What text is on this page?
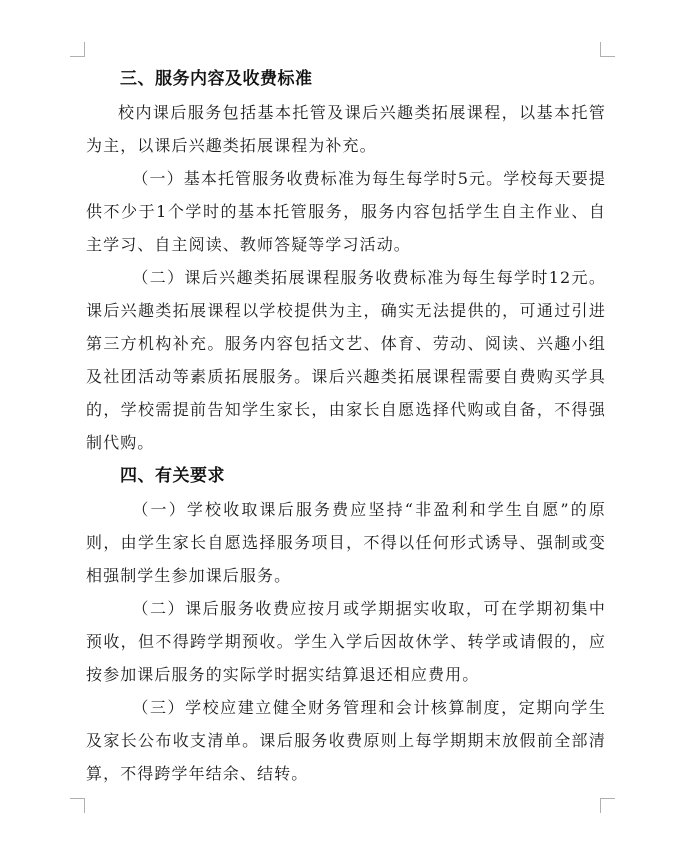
三、服务内容及收费标准

校内课后服务包括基本托管及课后兴趣类拓展课程，以基本托管为主，以课后兴趣类拓展课程为补充。

（一）基本托管服务收费标准为每生每学时5元。学校每天要提供不少于1个学时的基本托管服务，服务内容包括学生自主作业、自主学习、自主阅读、教师答疑等学习活动。

（二）课后兴趣类拓展课程服务收费标准为每生每学时12元。课后兴趣类拓展课程以学校提供为主，确实无法提供的，可通过引进第三方机构补充。服务内容包括文艺、体育、劳动、阅读、兴趣小组及社团活动等素质拓展服务。课后兴趣类拓展课程需要自费购买学具的，学校需提前告知学生家长，由家长自愿选择代购或自备，不得强制代购。

四、有关要求

（一）学校收取课后服务费应坚持“非盈利和学生自愿”的原则，由学生家长自愿选择服务项目，不得以任何形式诱导、强制或变相强制学生参加课后服务。

（二）课后服务收费应按月或学期据实收取，可在学期初集中预收，但不得跨学期预收。学生入学后因故休学、转学或请假的，应按参加课后服务的实际学时据实结算退还相应费用。

（三）学校应建立健全财务管理和会计核算制度，定期向学生及家长公布收支清单。课后服务收费原则上每学期期末放假前全部清算，不得跨学年结余、结转。
